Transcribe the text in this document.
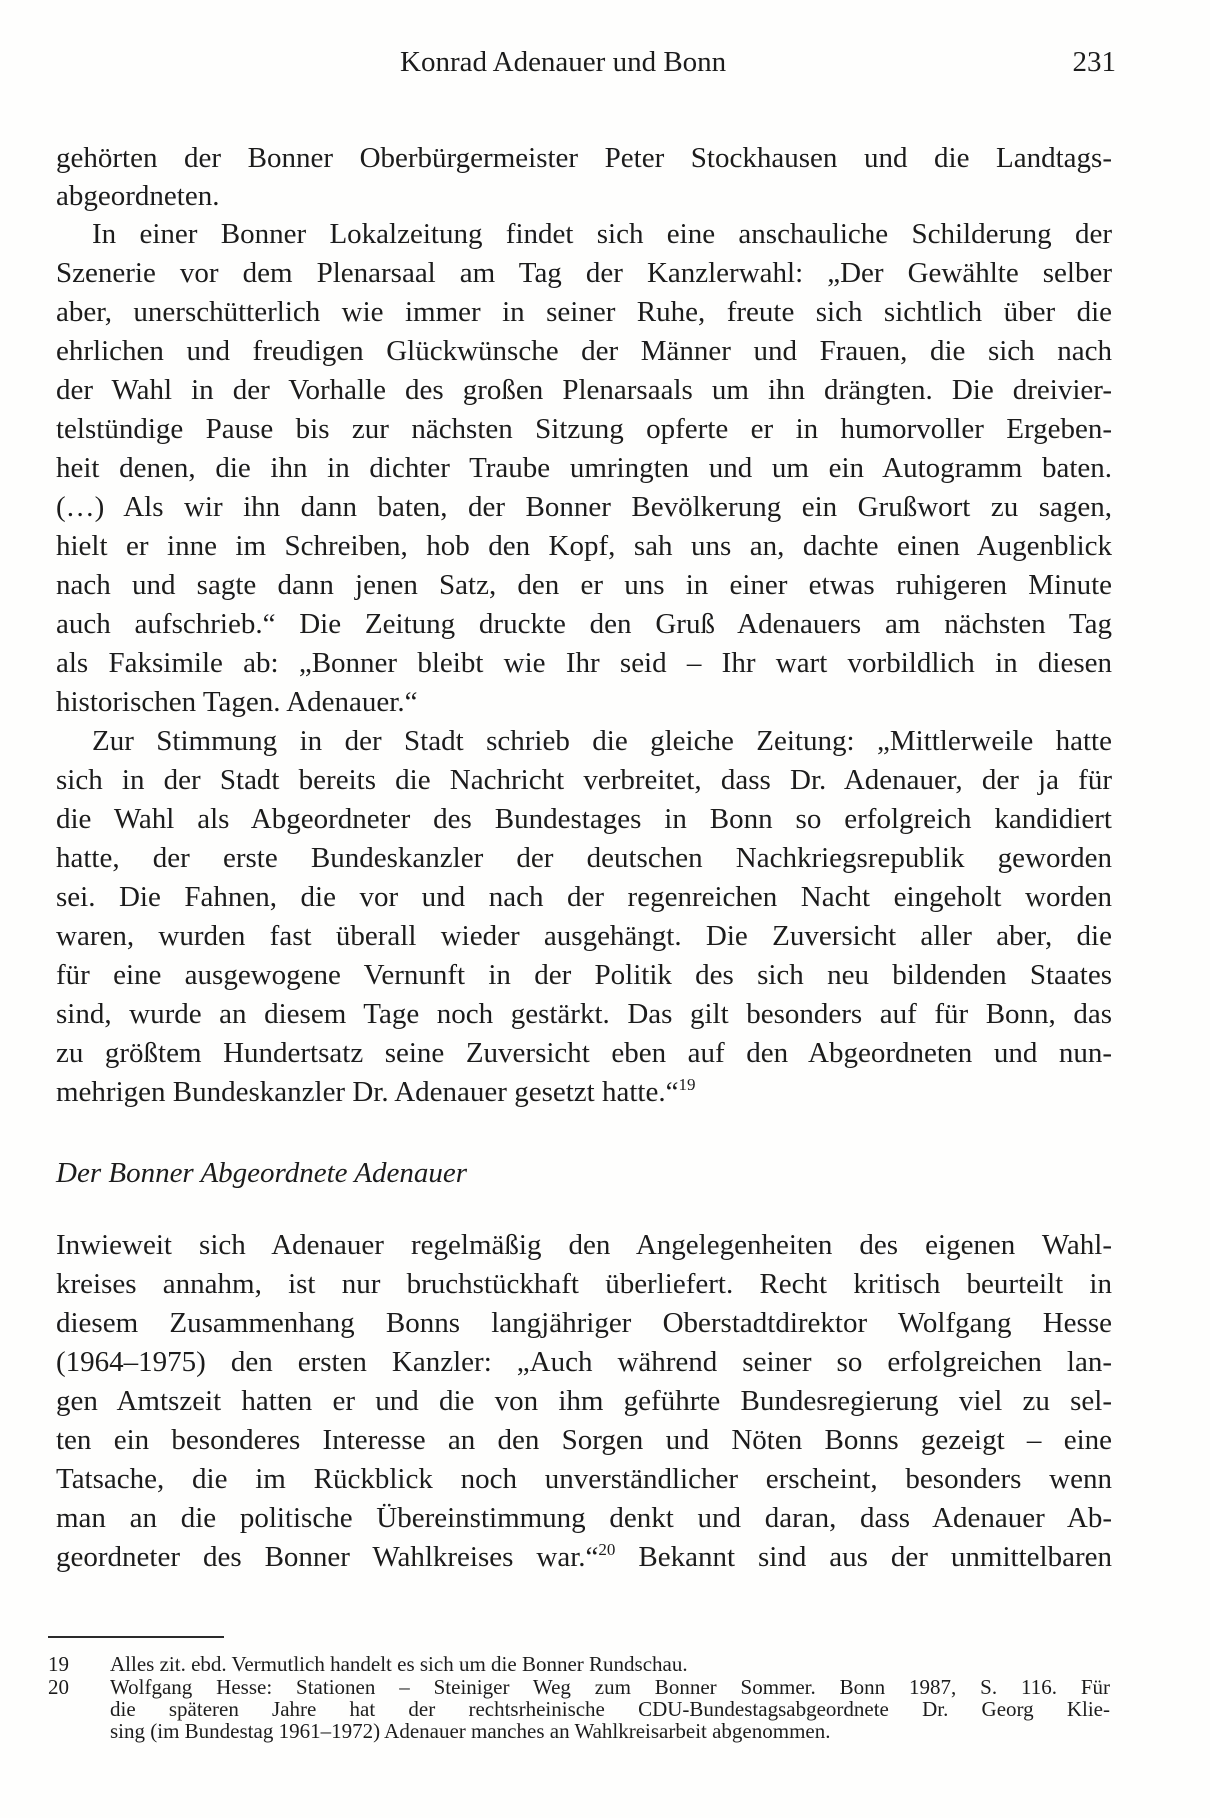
Konrad Adenauer und Bonn	231
gehörten der Bonner Oberbürgermeister Peter Stockhausen und die Landtags-
abgeordneten.
In einer Bonner Lokalzeitung findet sich eine anschauliche Schilderung der
Szenerie vor dem Plenarsaal am Tag der Kanzlerwahl: „Der Gewählte selber
aber, unerschütterlich wie immer in seiner Ruhe, freute sich sichtlich über die
ehrlichen und freudigen Glückwünsche der Männer und Frauen, die sich nach
der Wahl in der Vorhalle des großen Plenarsaals um ihn drängten. Die dreivier-
telstündige Pause bis zur nächsten Sitzung opferte er in humorvoller Ergeben-
heit denen, die ihn in dichter Traube umringten und um ein Autogramm baten.
(…) Als wir ihn dann baten, der Bonner Bevölkerung ein Grußwort zu sagen,
hielt er inne im Schreiben, hob den Kopf, sah uns an, dachte einen Augenblick
nach und sagte dann jenen Satz, den er uns in einer etwas ruhigeren Minute
auch aufschrieb.“ Die Zeitung druckte den Gruß Adenauers am nächsten Tag
als Faksimile ab: „Bonner bleibt wie Ihr seid – Ihr wart vorbildlich in diesen
historischen Tagen. Adenauer.“
Zur Stimmung in der Stadt schrieb die gleiche Zeitung: „Mittlerweile hatte
sich in der Stadt bereits die Nachricht verbreitet, dass Dr. Adenauer, der ja für
die Wahl als Abgeordneter des Bundestages in Bonn so erfolgreich kandidiert
hatte, der erste Bundeskanzler der deutschen Nachkriegsrepublik geworden
sei. Die Fahnen, die vor und nach der regenreichen Nacht eingeholt worden
waren, wurden fast überall wieder ausgehängt. Die Zuversicht aller aber, die
für eine ausgewogene Vernunft in der Politik des sich neu bildenden Staates
sind, wurde an diesem Tage noch gestärkt. Das gilt besonders auf für Bonn, das
zu größtem Hundertsatz seine Zuversicht eben auf den Abgeordneten und nun-
mehrigen Bundeskanzler Dr. Adenauer gesetzt hatte.“$^{19}$
Der Bonner Abgeordnete Adenauer
Inwieweit sich Adenauer regelmäßig den Angelegenheiten des eigenen Wahl-
kreises annahm, ist nur bruchstückhaft überliefert. Recht kritisch beurteilt in
diesem Zusammenhang Bonns langjähriger Oberstadtdirektor Wolfgang Hesse
(1964–1975) den ersten Kanzler: „Auch während seiner so erfolgreichen lan-
gen Amtszeit hatten er und die von ihm geführte Bundesregierung viel zu sel-
ten ein besonderes Interesse an den Sorgen und Nöten Bonns gezeigt – eine
Tatsache, die im Rückblick noch unverständlicher erscheint, besonders wenn
man an die politische Übereinstimmung denkt und daran, dass Adenauer Ab-
geordneter des Bonner Wahlkreises war.“$^{20}$ Bekannt sind aus der unmittelbaren
19	Alles zit. ebd. Vermutlich handelt es sich um die Bonner Rundschau.
20	Wolfgang Hesse: Stationen – Steiniger Weg zum Bonner Sommer. Bonn 1987, S. 116. Für
die späteren Jahre hat der rechtsrheinische CDU-Bundestagsabgeordnete Dr. Georg Klie-
sing (im Bundestag 1961–1972) Adenauer manches an Wahlkreisarbeit abgenommen.
